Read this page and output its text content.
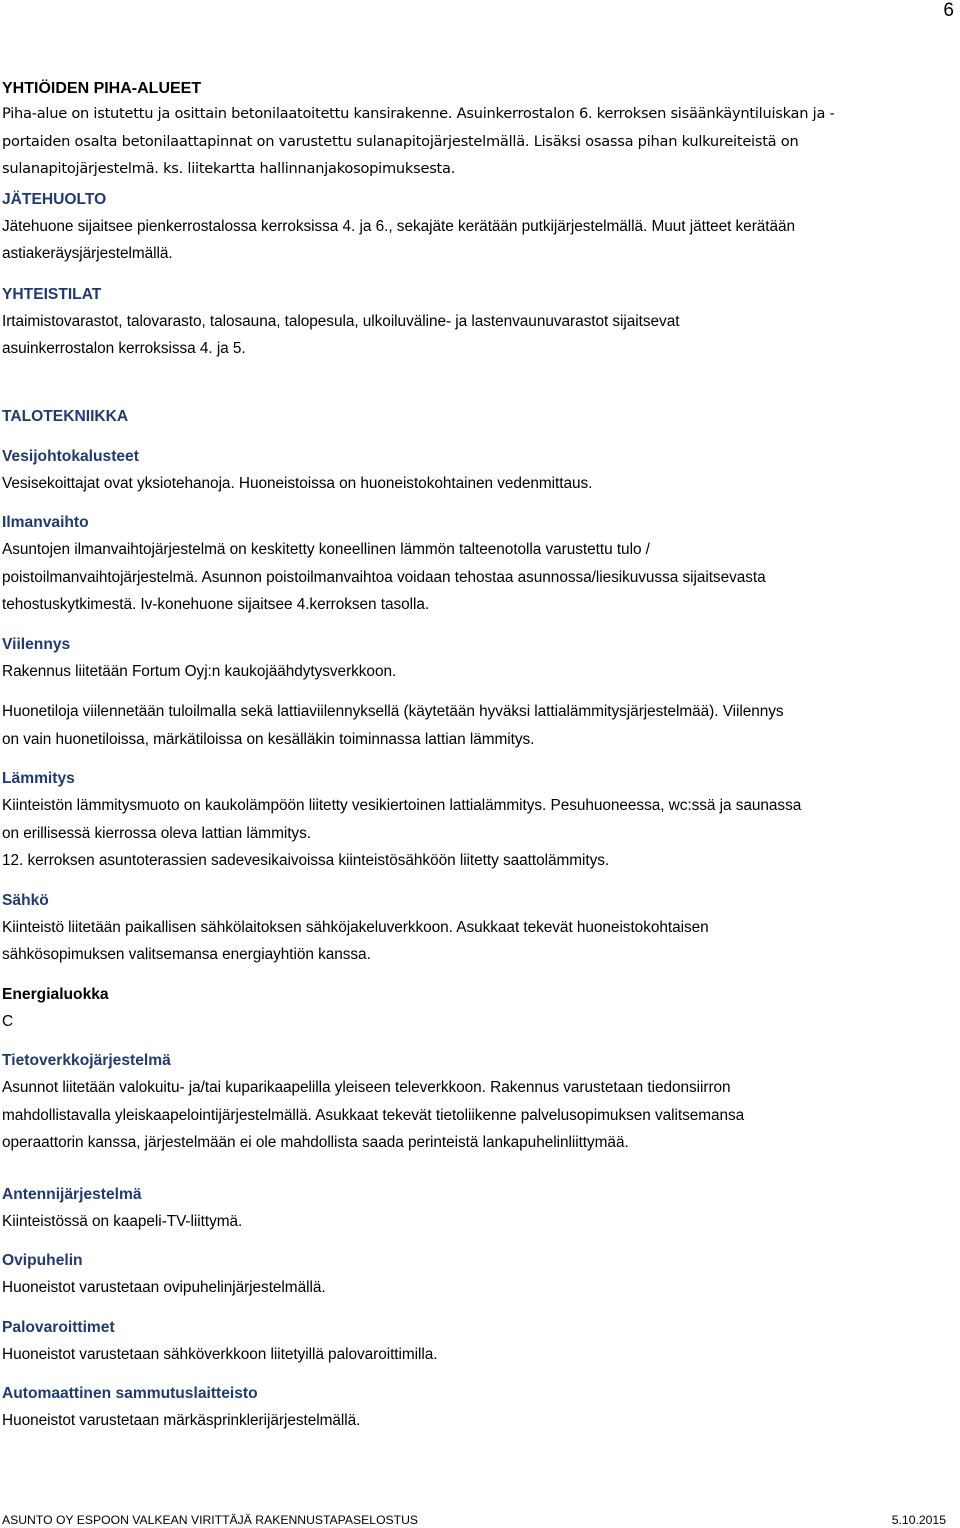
6

YHTIÖIDEN PIHA-ALUEET

Piha-alue on istutettu ja osittain betonilaatoitettu kansirakenne. Asuinkerrostalon 6. kerroksen sisäänkäyntiluiskan ja -

portaiden osalta betonilaattapinnat on varustettu sulanapitojärjestelmällä. Lisäksi osassa pihan kulkureiteistä on

sulanapitojärjestelmä. ks. liitekartta hallinnanjakosopimuksesta.

JÄTEHUOLTO

Jätehuone sijaitsee pienkerrostalossa kerroksissa 4. ja 6., sekajäte kerätään putkijärjestelmällä. Muut jätteet kerätään

astiakeräysjärjestelmällä.

YHTEISTILAT

Irtaimistovarastot, talovarasto, talosauna, talopesula, ulkoiluväline- ja lastenvaunuvarastot sijaitsevat

asuinkerrostalon kerroksissa 4. ja 5.

TALOTEKNIIKKA

Vesijohtokalusteet

Vesisekoittajat ovat yksiotehanoja. Huoneistoissa on huoneistokohtainen vedenmittaus.

Ilmanvaihto

Asuntojen ilmanvaihtojärjestelmä on keskitetty koneellinen lämmön talteenotolla varustettu tulo /

poistoilmanvaihtojärjestelmä. Asunnon poistoilmanvaihtoa voidaan tehostaa asunnossa/liesikuvussa sijaitsevasta

tehostuskytkimestä. Iv-konehuone sijaitsee 4.kerroksen tasolla.

Viilennys

Rakennus liitetään Fortum Oyj:n kaukojäähdytysverkkoon.

Huonetiloja viilennetään tuloilmalla sekä lattiaviilennyksellä (käytetään hyväksi lattialämmitysjärjestelmää). Viilennys

on vain huonetiloissa, märkätiloissa on kesälläkin toiminnassa lattian lämmitys.

Lämmitys

Kiinteistön lämmitysmuoto on kaukolämpöön liitetty vesikiertoinen lattialämmitys. Pesuhuoneessa, wc:ssä ja saunassa

on erillisessä kierrossa oleva lattian lämmitys.

12. kerroksen asuntoterassien sadevesikaivoissa kiinteistösähköön liitetty saattolämmitys.

Sähkö

Kiinteistö liitetään paikallisen sähkölaitoksen sähköjakeluverkkoon. Asukkaat tekevät huoneistokohtaisen

sähkösopimuksen valitsemansa energiayhtiön kanssa.

Energialuokka

C

Tietoverkkojärjestelmä

Asunnot liitetään valokuitu- ja/tai kuparikaapelilla yleiseen televerkkoon. Rakennus varustetaan tiedonsiirron

mahdollistavalla yleiskaapelointijärjestelmällä. Asukkaat tekevät tietoliikenne palvelusopimuksen valitsemansa

operaattorin kanssa, järjestelmään ei ole mahdollista saada perinteistä lankapuhelinliittymää.

Antennijärjestelmä

Kiinteistössä on kaapeli-TV-liittymä.

Ovipuhelin

Huoneistot varustetaan ovipuhelinjärjestelmällä.

Palovaroittimet

Huoneistot varustetaan sähköverkkoon liitetyillä palovaroittimilla.

Automaattinen sammutuslaitteisto

Huoneistot varustetaan märkäsprinklerijärjestelmällä.

ASUNTO OY ESPOON VALKEAN VIRITTÄJÄ RAKENNUSTAPASELOSTUS	5.10.2015
